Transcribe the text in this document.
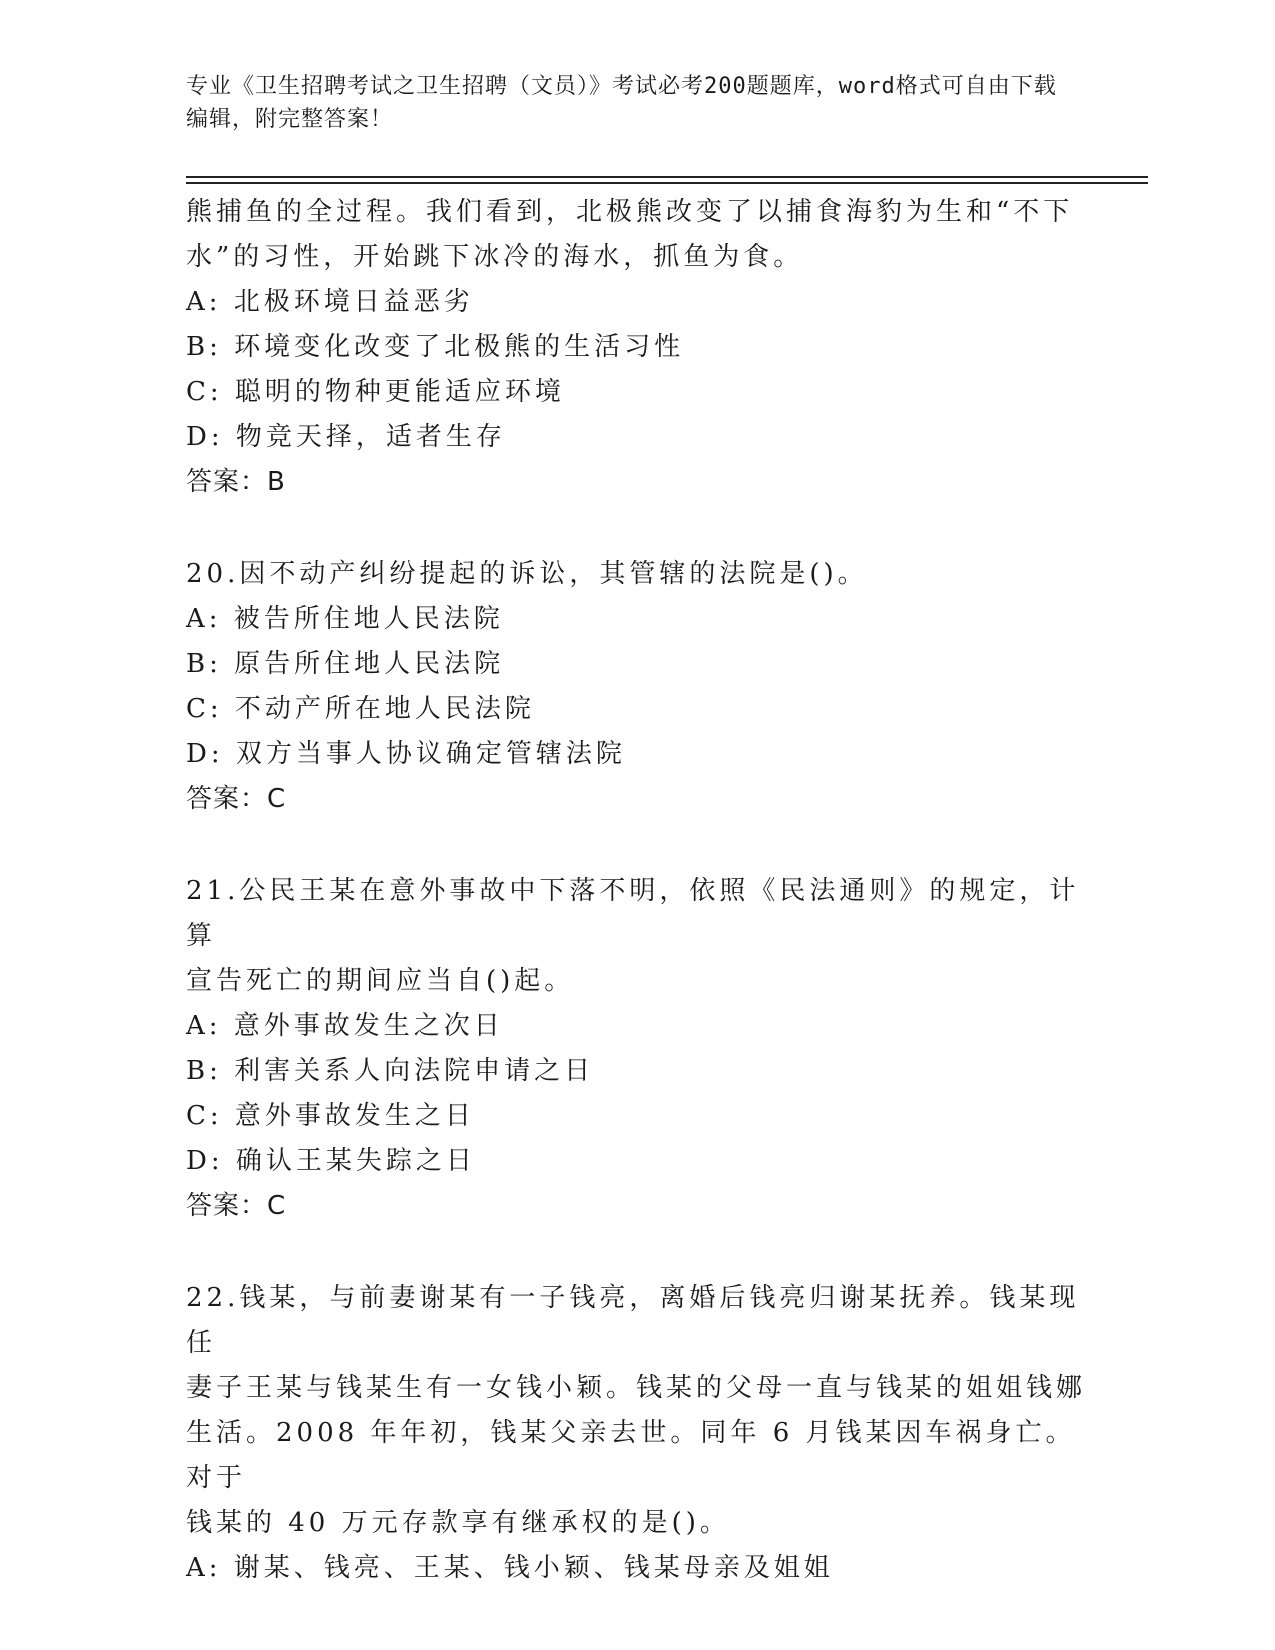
专业《卫生招聘考试之卫生招聘（文员）》考试必考200题题库，word格式可自由下载编辑，附完整答案！

熊捕鱼的全过程。我们看到，北极熊改变了以捕食海豹为生和“不下

水”的习性，开始跳下冰冷的海水，抓鱼为食。

A: 北极环境日益恶劣

B: 环境变化改变了北极熊的生活习性

C: 聪明的物种更能适应环境

D: 物竞天择，适者生存

答案：B

20.因不动产纠纷提起的诉讼，其管辖的法院是()。

A: 被告所住地人民法院

B: 原告所住地人民法院

C: 不动产所在地人民法院

D: 双方当事人协议确定管辖法院

答案：C

21.公民王某在意外事故中下落不明，依照《民法通则》的规定，计算

宣告死亡的期间应当自()起。

A: 意外事故发生之次日

B: 利害关系人向法院申请之日

C: 意外事故发生之日

D: 确认王某失踪之日

答案：C

22.钱某，与前妻谢某有一子钱亮，离婚后钱亮归谢某抚养。钱某现任

妻子王某与钱某生有一女钱小颖。钱某的父母一直与钱某的姐姐钱娜

生活。2008 年年初，钱某父亲去世。同年 6 月钱某因车祸身亡。对于

钱某的 40 万元存款享有继承权的是()。

A: 谢某、钱亮、王某、钱小颖、钱某母亲及姐姐
